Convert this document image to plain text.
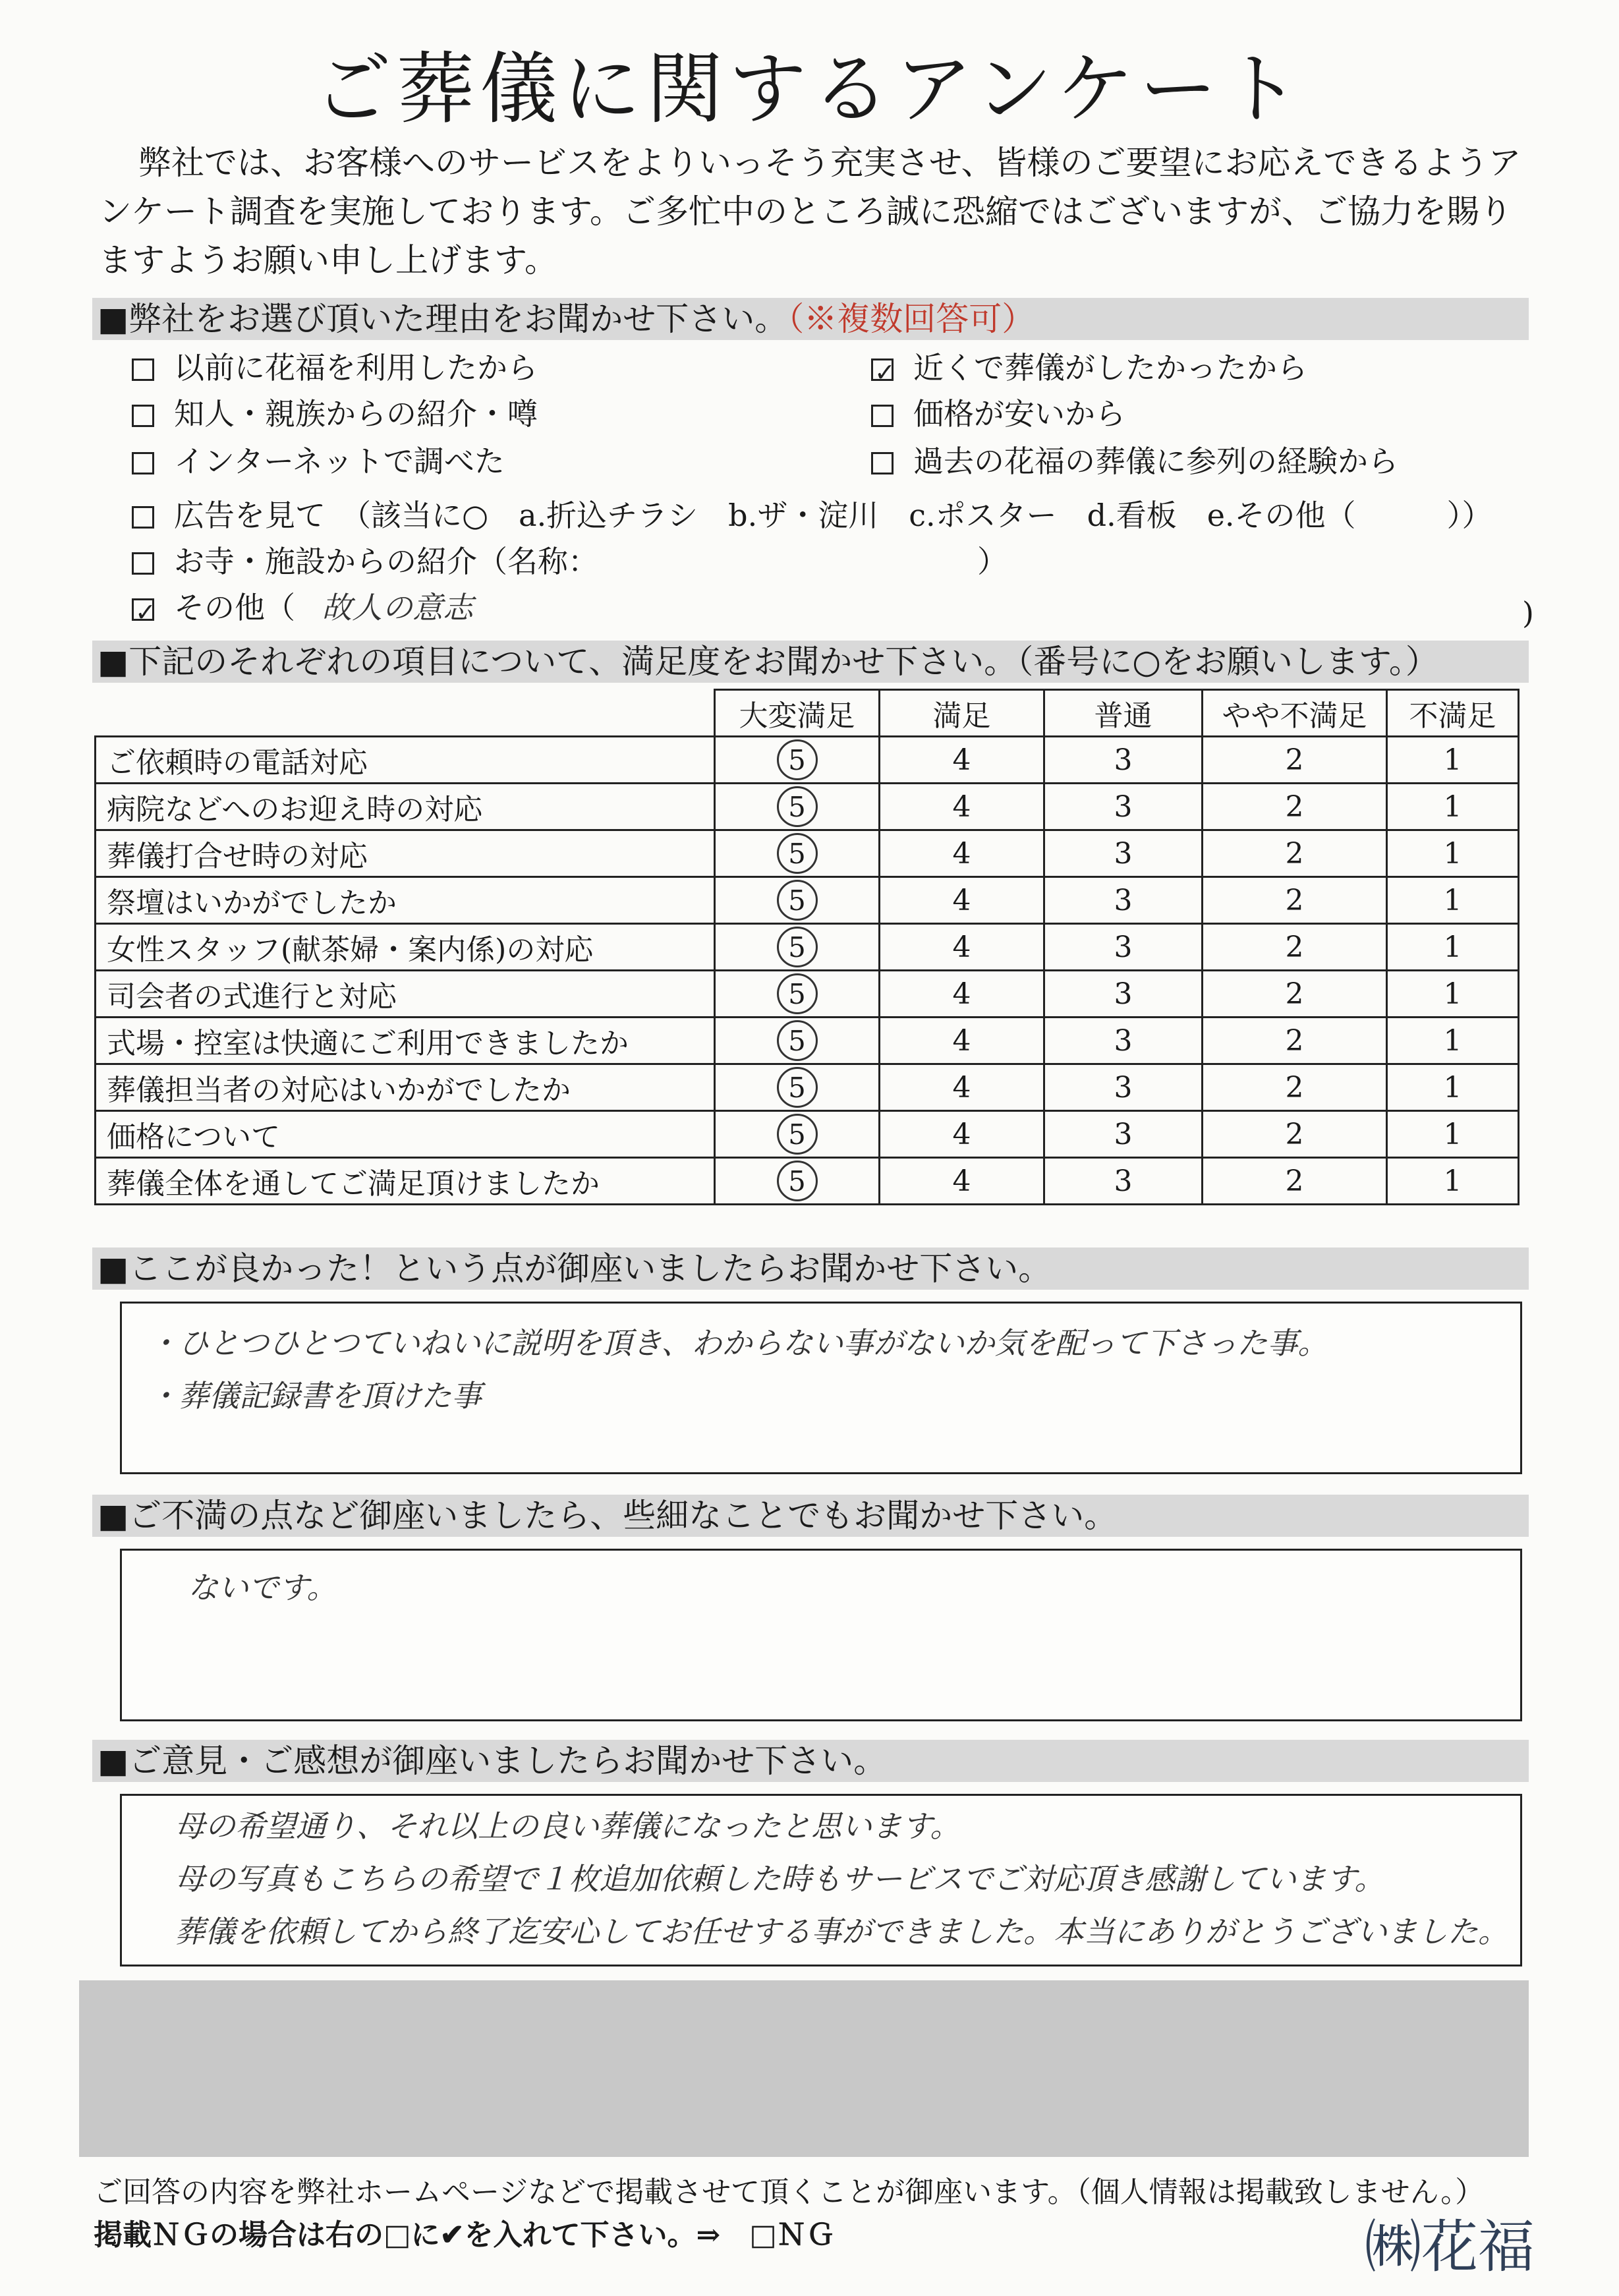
ご葬儀に関するアンケート
弊社では、お客様へのサービスをよりいっそう充実させ、皆様のご要望にお応えできるようアンケート調査を実施しております。ご多忙中のところ誠に恐縮ではございますが、ご協力を賜りますようお願い申し上げます。
■弊社をお選び頂いた理由をお聞かせ下さい。（※複数回答可）
以前に花福を利用したから
知人・親族からの紹介・噂
インターネットで調べた
✓近くで葬儀がしたかったから
価格が安いから
過去の花福の葬儀に参列の経験から
広告を見て　（該当に○　a.折込チラシ　b.ザ・淀川　c.ポスター　d.看板　e.その他（　　　））
お寺・施設からの紹介（名称：　　　　　　　　　　　　　）
✓その他（ 故人の意志	)
■下記のそれぞれの項目について、満足度をお聞かせ下さい。（番号に○をお願いします。）
	大変満足	満足	普通	やや不満足	不満足
ご依頼時の電話対応	5	4	3	2	1
病院などへのお迎え時の対応	5	4	3	2	1
葬儀打合せ時の対応	5	4	3	2	1
祭壇はいかがでしたか	5	4	3	2	1
女性スタッフ(献茶婦・案内係)の対応	5	4	3	2	1
司会者の式進行と対応	5	4	3	2	1
式場・控室は快適にご利用できましたか	5	4	3	2	1
葬儀担当者の対応はいかがでしたか	5	4	3	2	1
価格について	5	4	3	2	1
葬儀全体を通してご満足頂けましたか	5	4	3	2	1
■ここが良かった！という点が御座いましたらお聞かせ下さい。
・ひとつひとつていねいに説明を頂き、わからない事がないか気を配って下さった事。
・葬儀記録書を頂けた事
■ご不満の点など御座いましたら、些細なことでもお聞かせ下さい。
ないです。
■ご意見・ご感想が御座いましたらお聞かせ下さい。
母の希望通り、それ以上の良い葬儀になったと思います。
母の写真もこちらの希望で１枚追加依頼した時もサービスでご対応頂き感謝しています。
葬儀を依頼してから終了迄安心してお任せする事ができました。本当にありがとうございました。
ご回答の内容を弊社ホームページなどで掲載させて頂くことが御座います。（個人情報は掲載致しません。）
掲載ＮＧの場合は右の□に✔を入れて下さい。⇒　□ＮＧ	㈱花福
